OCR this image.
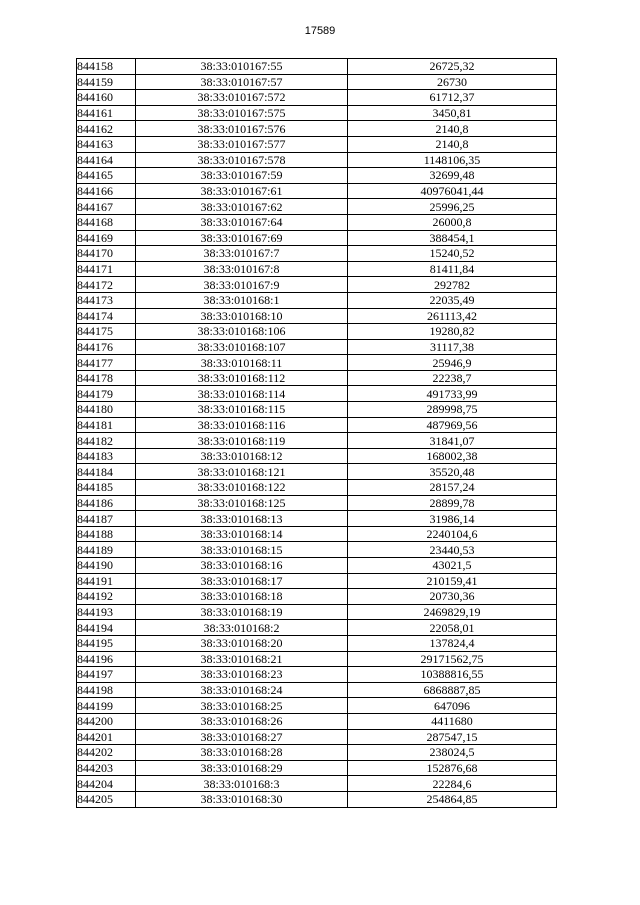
17589
844158	38:33:010167:55	26725,32
844159	38:33:010167:57	26730
844160	38:33:010167:572	61712,37
844161	38:33:010167:575	3450,81
844162	38:33:010167:576	2140,8
844163	38:33:010167:577	2140,8
844164	38:33:010167:578	1148106,35
844165	38:33:010167:59	32699,48
844166	38:33:010167:61	40976041,44
844167	38:33:010167:62	25996,25
844168	38:33:010167:64	26000,8
844169	38:33:010167:69	388454,1
844170	38:33:010167:7	15240,52
844171	38:33:010167:8	81411,84
844172	38:33:010167:9	292782
844173	38:33:010168:1	22035,49
844174	38:33:010168:10	261113,42
844175	38:33:010168:106	19280,82
844176	38:33:010168:107	31117,38
844177	38:33:010168:11	25946,9
844178	38:33:010168:112	22238,7
844179	38:33:010168:114	491733,99
844180	38:33:010168:115	289998,75
844181	38:33:010168:116	487969,56
844182	38:33:010168:119	31841,07
844183	38:33:010168:12	168002,38
844184	38:33:010168:121	35520,48
844185	38:33:010168:122	28157,24
844186	38:33:010168:125	28899,78
844187	38:33:010168:13	31986,14
844188	38:33:010168:14	2240104,6
844189	38:33:010168:15	23440,53
844190	38:33:010168:16	43021,5
844191	38:33:010168:17	210159,41
844192	38:33:010168:18	20730,36
844193	38:33:010168:19	2469829,19
844194	38:33:010168:2	22058,01
844195	38:33:010168:20	137824,4
844196	38:33:010168:21	29171562,75
844197	38:33:010168:23	10388816,55
844198	38:33:010168:24	6868887,85
844199	38:33:010168:25	647096
844200	38:33:010168:26	4411680
844201	38:33:010168:27	287547,15
844202	38:33:010168:28	238024,5
844203	38:33:010168:29	152876,68
844204	38:33:010168:3	22284,6
844205	38:33:010168:30	254864,85
